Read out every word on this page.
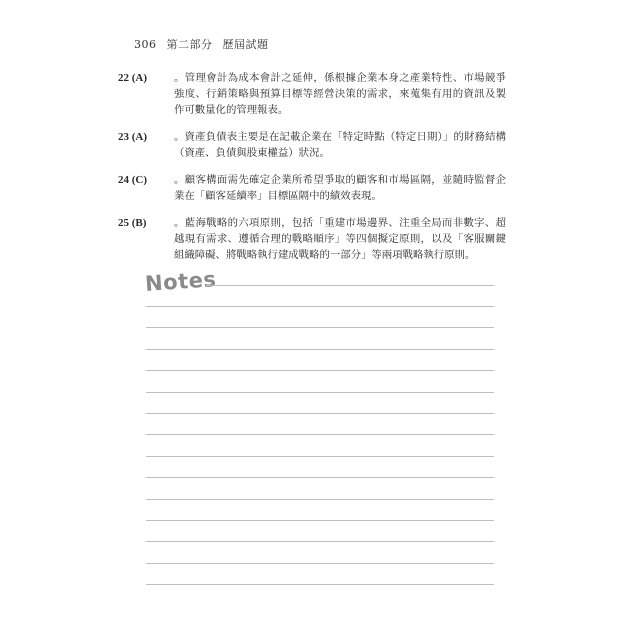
306 第二部分 歷屆試題
22 (A)	。管理會計為成本會計之延伸，係根據企業本身之產業特性、市場競爭強度、行銷策略與預算目標等經營決策的需求，來蒐集有用的資訊及製作可數量化的管理報表。
23 (A)	。資產負債表主要是在記載企業在「特定時點（特定日期）」的財務結構（資產、負債與股東權益）狀況。
24 (C)	。顧客構面需先確定企業所希望爭取的顧客和市場區隔，並隨時監督企業在「顧客延續率」目標區隔中的績效表現。
25 (B)	。藍海戰略的六項原則，包括「重建市場邊界、注重全局而非數字、超越現有需求、遵循合理的戰略順序」等四個擬定原則，以及「客服關鍵組織障礙、將戰略執行建成戰略的一部分」等兩項戰略執行原則。
Notes
